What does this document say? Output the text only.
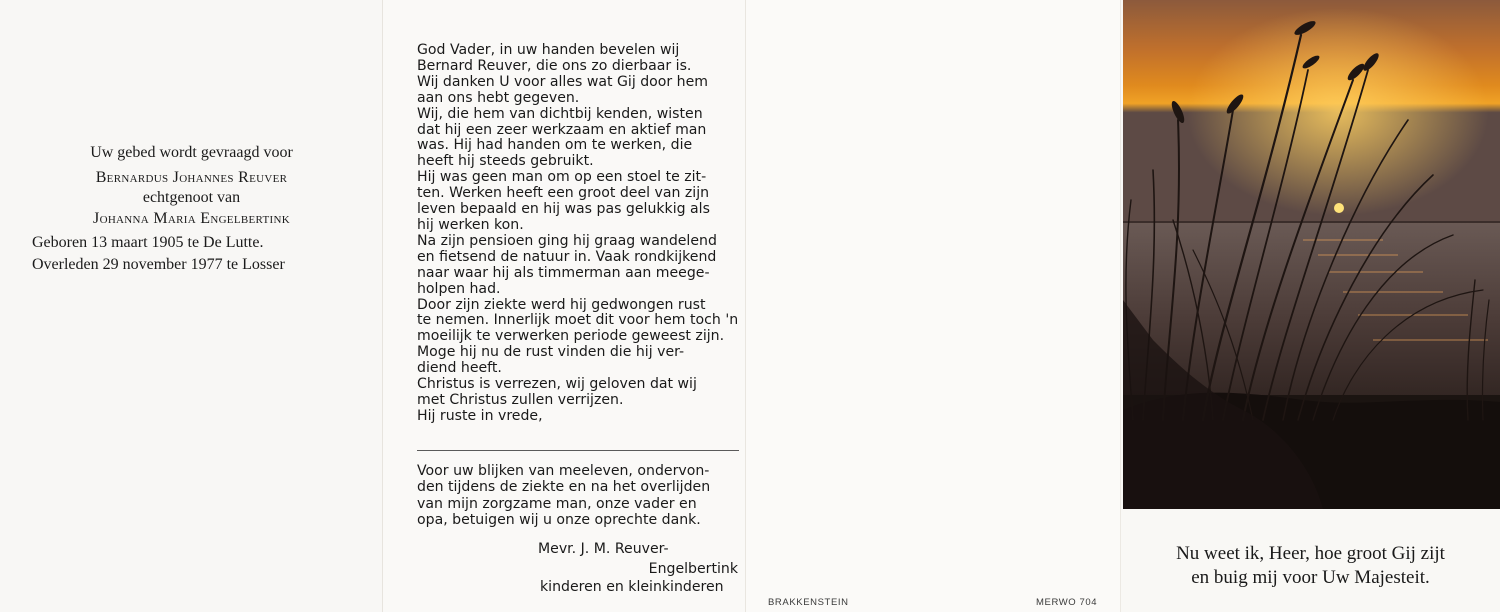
Uw gebed wordt gevraagd voor
Bernardus Johannes Reuver
echtgenoot van
Johanna Maria Engelbertink
Geboren 13 maart 1905 te De Lutte.
Overleden 29 november 1977 te Losser
God Vader, in uw handen bevelen wij
Bernard Reuver, die ons zo dierbaar is.
Wij danken U voor alles wat Gij door hem
aan ons hebt gegeven.
Wij, die hem van dichtbij kenden, wisten
dat hij een zeer werkzaam en aktief man
was. Hij had handen om te werken, die
heeft hij steeds gebruikt.
Hij was geen man om op een stoel te zit-
ten. Werken heeft een groot deel van zijn
leven bepaald en hij was pas gelukkig als
hij werken kon.
Na zijn pensioen ging hij graag wandelend
en fietsend de natuur in. Vaak rondkijkend
naar waar hij als timmerman aan meege-
holpen had.
Door zijn ziekte werd hij gedwongen rust
te nemen. Innerlijk moet dit voor hem toch 'n
moeilijk te verwerken periode geweest zijn.
Moge hij nu de rust vinden die hij ver-
diend heeft.
Christus is verrezen, wij geloven dat wij
met Christus zullen verrijzen.
Hij ruste in vrede,
Voor uw blijken van meeleven, ondervon-
den tijdens de ziekte en na het overlijden
van mijn zorgzame man, onze vader en
opa, betuigen wij u onze oprechte dank.
Mevr. J. M. Reuver-
Engelbertink
kinderen en kleinkinderen
BRAKKENSTEIN	MERWO 704
Nu weet ik, Heer, hoe groot Gij zijt
en buig mij voor Uw Majesteit.
